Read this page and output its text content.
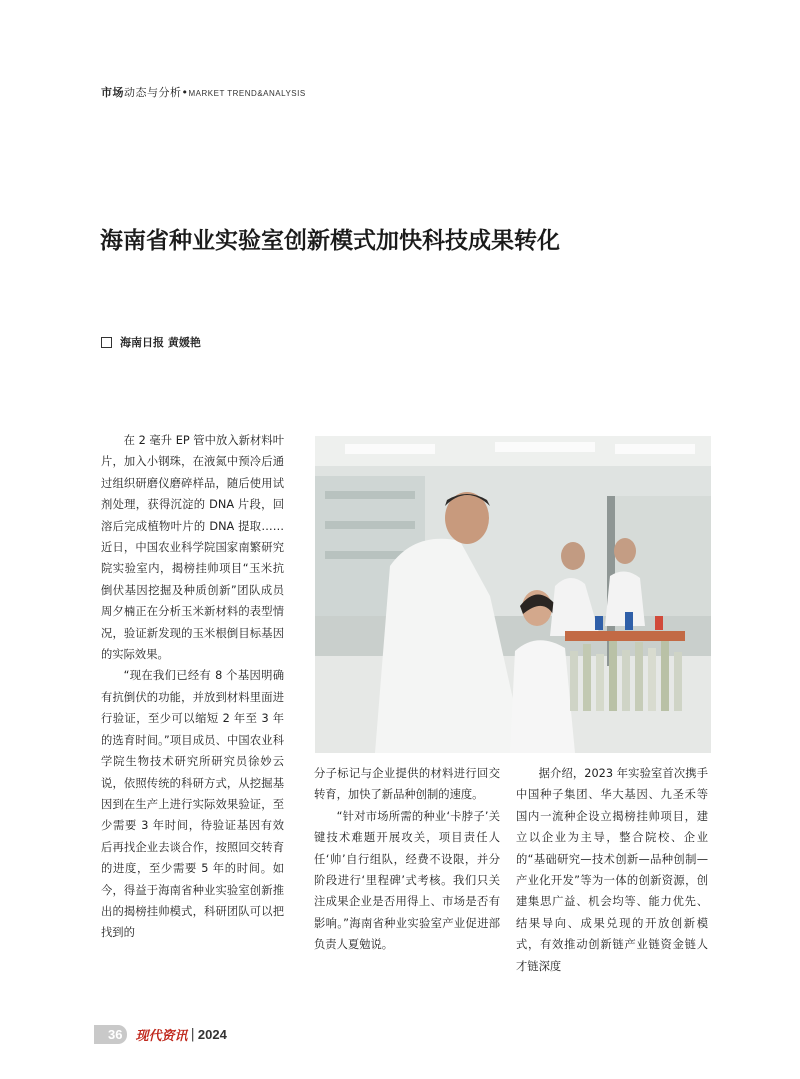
市场动态与分析•MARKET TREND&ANALYSIS
海南省种业实验室创新模式加快科技成果转化
海南日报 黄媛艳

在 2 毫升 EP 管中放入新材料叶片，加入小钢珠，在液氮中预冷后通过组织研磨仪磨碎样品，随后使用试剂处理，获得沉淀的 DNA 片段，回溶后完成植物叶片的 DNA 提取……近日，中国农业科学院国家南繁研究院实验室内，揭榜挂帅项目“玉米抗倒伏基因挖掘及种质创新”团队成员周夕楠正在分析玉米新材料的表型情况，验证新发现的玉米根倒目标基因的实际效果。

“现在我们已经有 8 个基因明确有抗倒伏的功能，并放到材料里面进行验证，至少可以缩短 2 年至 3 年的选育时间。”项目成员、中国农业科学院生物技术研究所研究员徐妙云说，依照传统的科研方式，从挖掘基因到在生产上进行实际效果验证，至少需要 3 年时间，待验证基因有效后再找企业去谈合作，按照回交转育的进度，至少需要 5 年的时间。如今，得益于海南省种业实验室创新推出的揭榜挂帅模式，科研团队可以把找到的

分子标记与企业提供的材料进行回交转育，加快了新品种创制的速度。

“针对市场所需的种业‘卡脖子’关键技术难题开展攻关，项目责任人任‘帅’自行组队，经费不设限，并分阶段进行‘里程碑’式考核。我们只关注成果企业是否用得上、市场是否有影响。”海南省种业实验室产业促进部负责人夏勉说。

据介绍，2023 年实验室首次携手中国种子集团、华大基因、九圣禾等国内一流种企设立揭榜挂帅项目，建立以企业为主导，整合院校、企业的“基础研究—技术创新—品种创制—产业化开发”等为一体的创新资源，创建集思广益、机会均等、能力优先、结果导向、成果兑现的开放创新模式，有效推动创新链产业链资金链人才链深度

36	现代资讯 | 2024
